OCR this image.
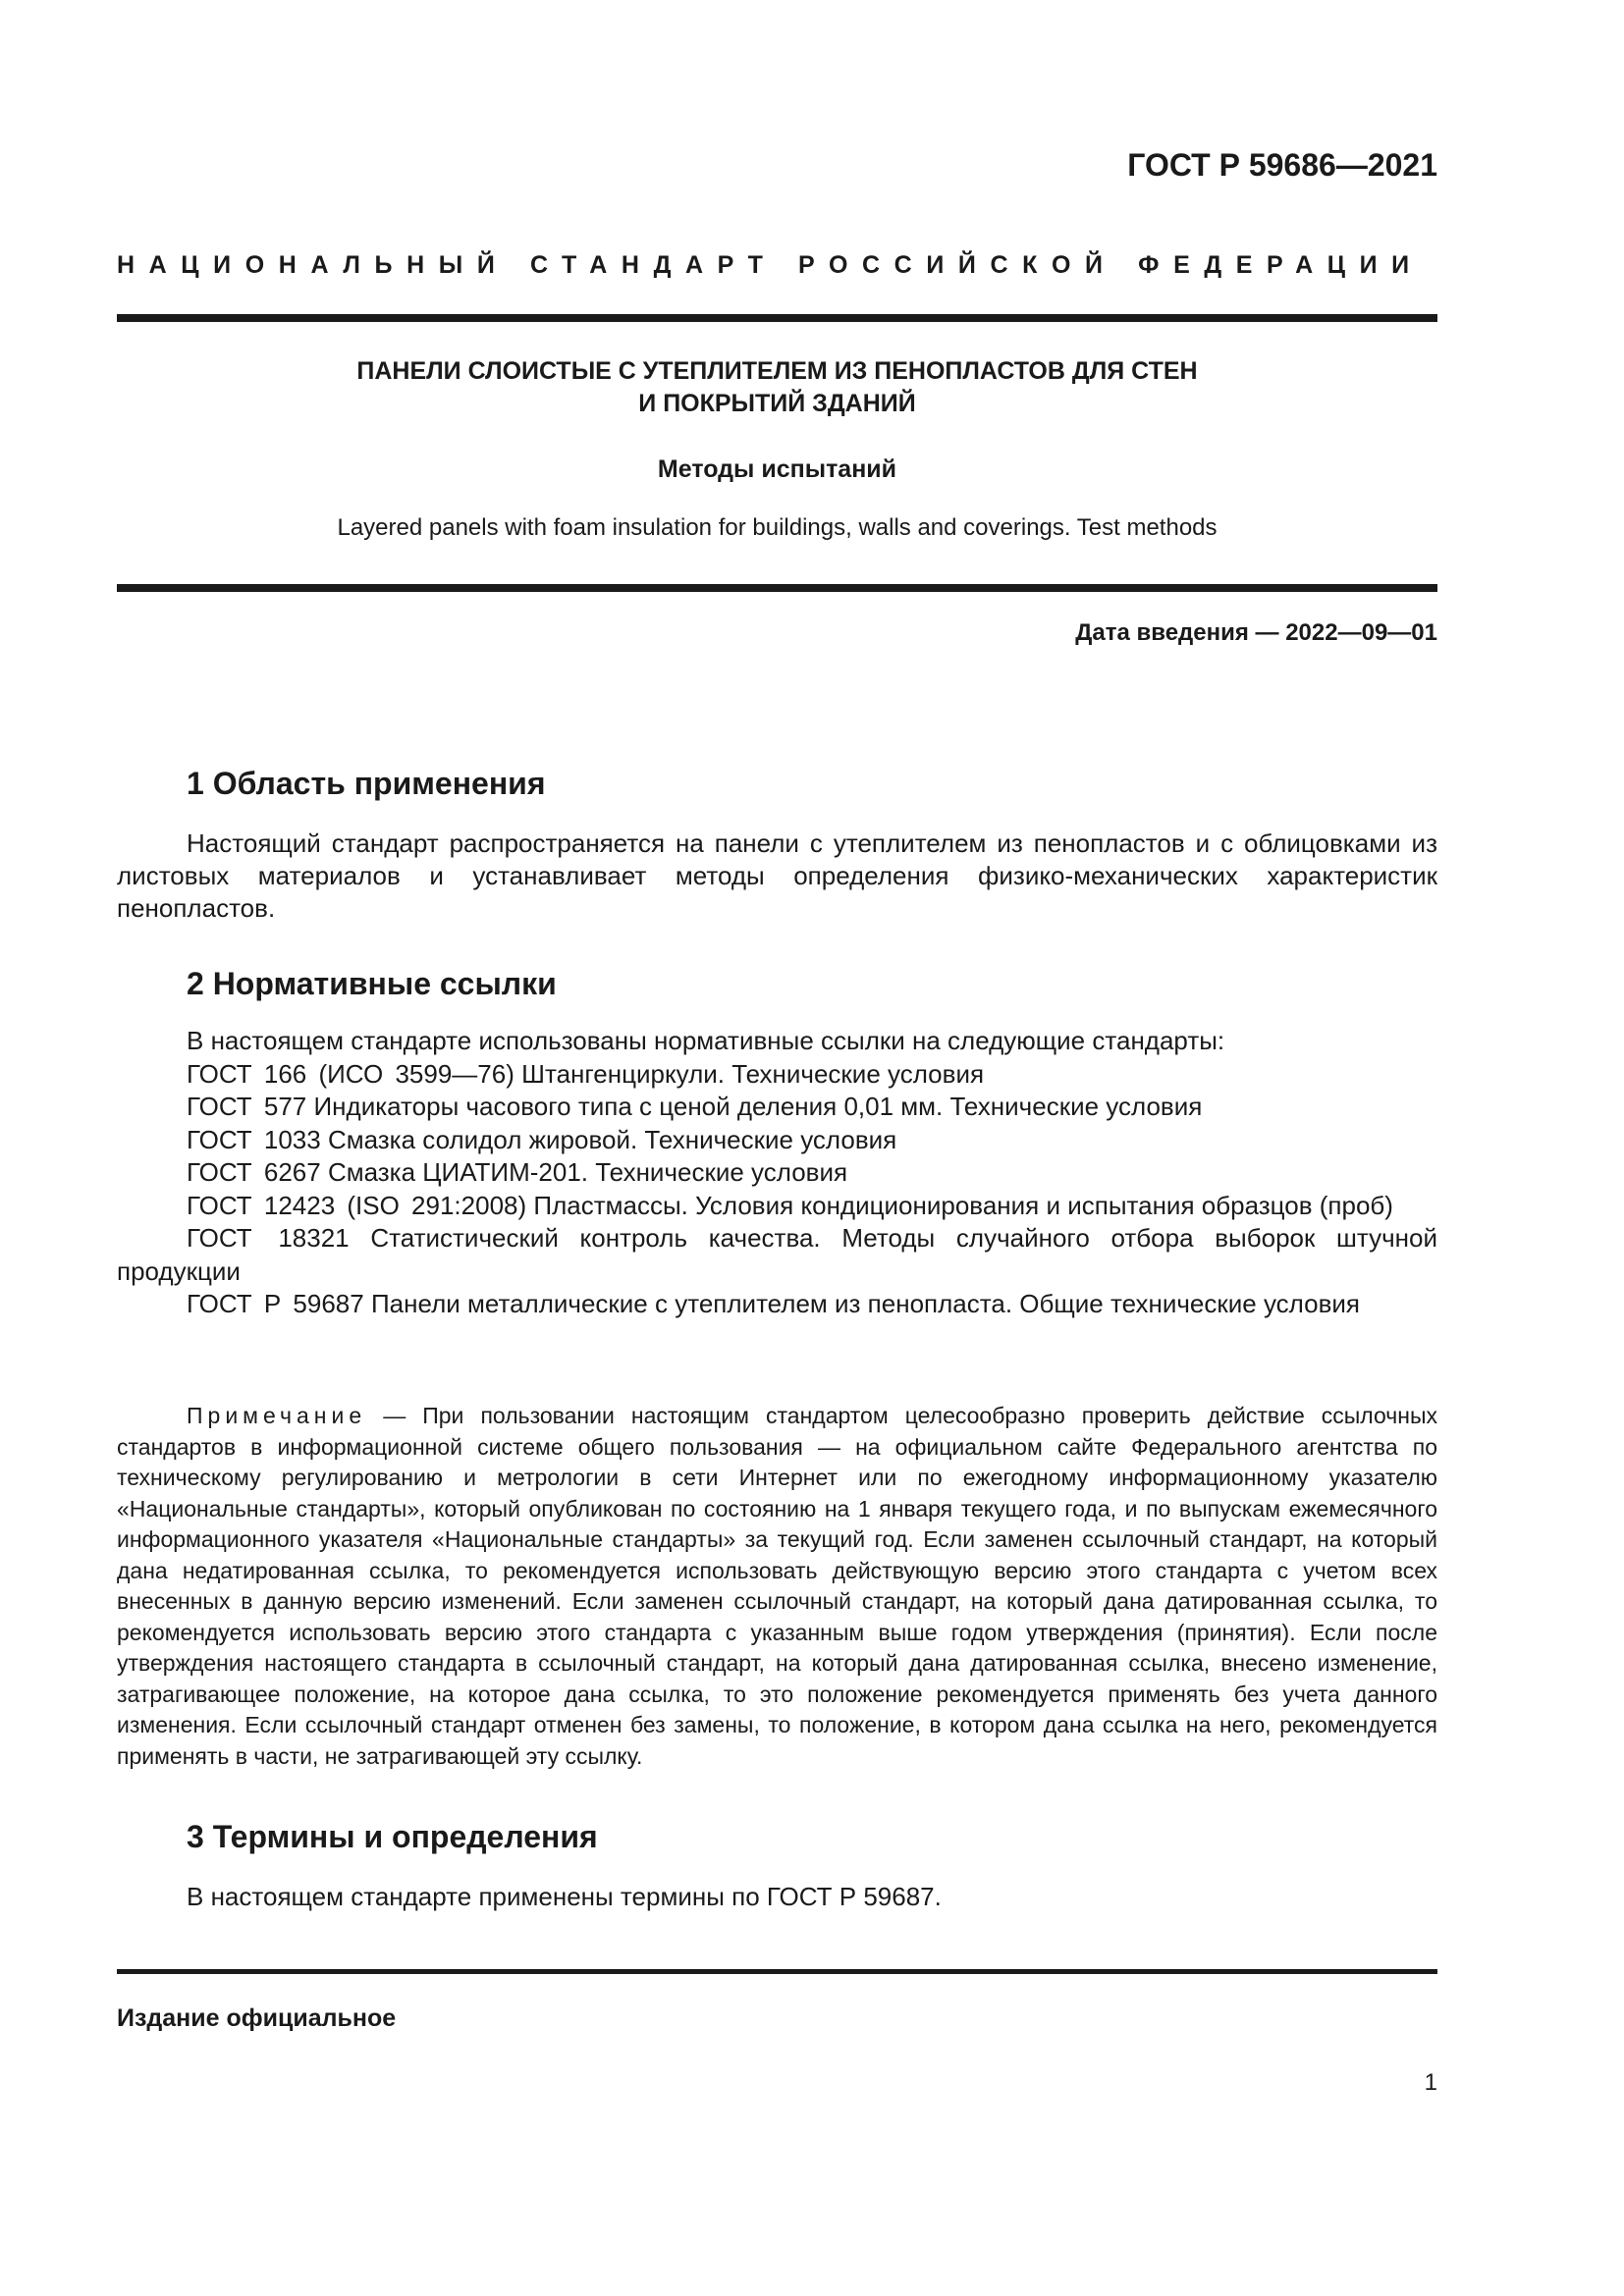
ГОСТ Р 59686—2021

НАЦИОНАЛЬНЫЙ СТАНДАРТ РОССИЙСКОЙ ФЕДЕРАЦИИ

ПАНЕЛИ СЛОИСТЫЕ С УТЕПЛИТЕЛЕМ ИЗ ПЕНОПЛАСТОВ ДЛЯ СТЕН
И ПОКРЫТИЙ ЗДАНИЙ

Методы испытаний

Layered panels with foam insulation for buildings, walls and coverings. Test methods

Дата введения — 2022—09—01

1 Область применения

Настоящий стандарт распространяется на панели с утеплителем из пенопластов и с облицовками из листовых материалов и устанавливает методы определения физико-механических характеристик пенопластов.

2 Нормативные ссылки
В настоящем стандарте использованы нормативные ссылки на следующие стандарты:
ГОСТ 166 (ИСО 3599—76) Штангенциркули. Технические условия
ГОСТ 577 Индикаторы часового типа с ценой деления 0,01 мм. Технические условия
ГОСТ 1033 Смазка солидол жировой. Технические условия
ГОСТ 6267 Смазка ЦИАТИМ-201. Технические условия
ГОСТ 12423 (ISO 291:2008) Пластмассы. Условия кондиционирования и испытания образцов (проб)
ГОСТ 18321 Статистический контроль качества. Методы случайного отбора выборок штучной продукции
ГОСТ Р 59687 Панели металлические с утеплителем из пенопласта. Общие технические условия

Примечание — При пользовании настоящим стандартом целесообразно проверить действие ссылочных стандартов в информационной системе общего пользования — на официальном сайте Федерального агентства по техническому регулированию и метрологии в сети Интернет или по ежегодному информационному указателю «Национальные стандарты», который опубликован по состоянию на 1 января текущего года, и по выпускам ежемесячного информационного указателя «Национальные стандарты» за текущий год. Если заменен ссылочный стандарт, на который дана недатированная ссылка, то рекомендуется использовать действующую версию этого стандарта с учетом всех внесенных в данную версию изменений. Если заменен ссылочный стандарт, на который дана датированная ссылка, то рекомендуется использовать версию этого стандарта с указанным выше годом утверждения (принятия). Если после утверждения настоящего стандарта в ссылочный стандарт, на который дана датированная ссылка, внесено изменение, затрагивающее положение, на которое дана ссылка, то это положение рекомендуется применять без учета данного изменения. Если ссылочный стандарт отменен без замены, то положение, в котором дана ссылка на него, рекомендуется применять в части, не затрагивающей эту ссылку.

3 Термины и определения

В настоящем стандарте применены термины по ГОСТ Р 59687.

Издание официальное

1
